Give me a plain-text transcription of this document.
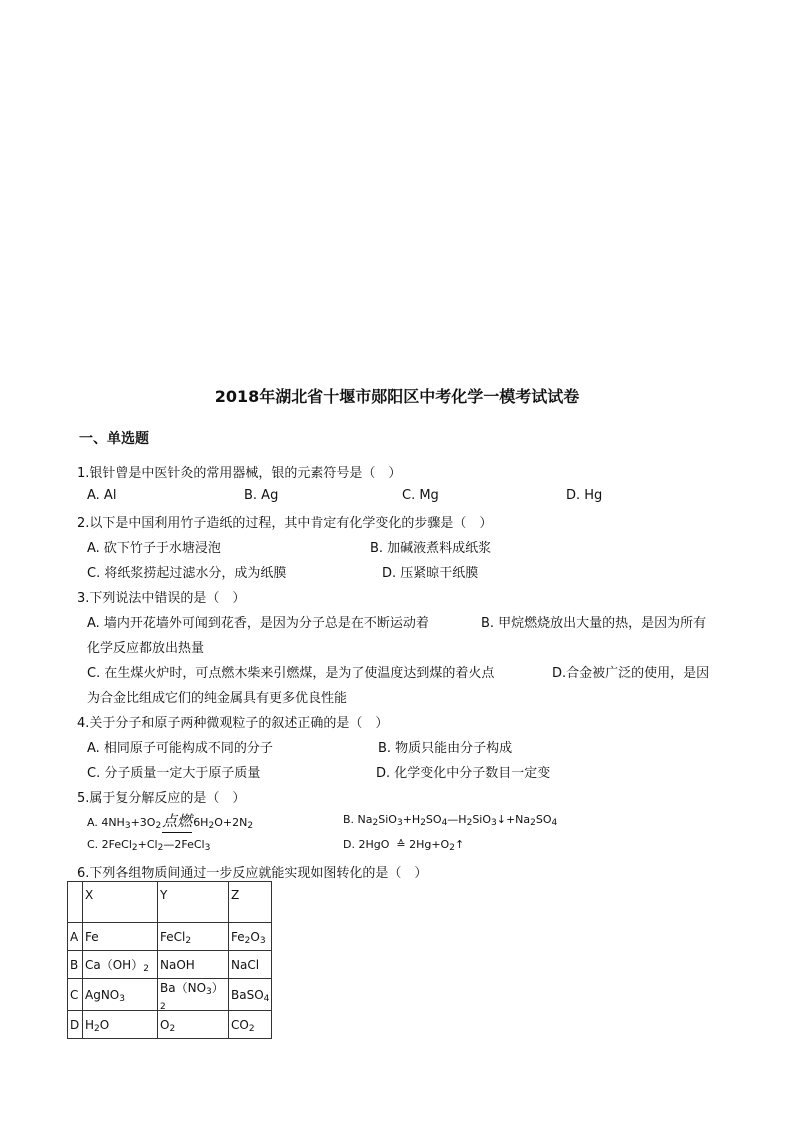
2018年湖北省十堰市郧阳区中考化学一模考试试卷
一、单选题
1.银针曾是中医针灸的常用器械，银的元素符号是（　）
A. Al	B. Ag	C. Mg	D. Hg
2.以下是中国利用竹子造纸的过程，其中肯定有化学变化的步骤是（　）
A. 砍下竹子于水塘浸泡	B. 加碱液煮料成纸浆
C. 将纸浆捞起过滤水分，成为纸膜	D. 压紧晾干纸膜
3.下列说法中错误的是（　）
A. 墙内开花墙外可闻到花香，是因为分子总是在不断运动着	B. 甲烷燃烧放出大量的热，是因为所有
化学反应都放出热量
C. 在生煤火炉时，可点燃木柴来引燃煤，是为了使温度达到煤的着火点	D.合金被广泛的使用，是因
为合金比组成它们的纯金属具有更多优良性能
4.关于分子和原子两种微观粒子的叙述正确的是（　）
A. 相同原子可能构成不同的分子	B. 物质只能由分子构成
C. 分子质量一定大于原子质量	D. 化学变化中分子数目一定变
5.属于复分解反应的是（　）
A. $4NH_3+3O_2$点燃$6H_2O+2N_2$	B. $Na_2SiO_3+H_2SO_4—H_2SiO_3↓+Na_2SO_4$
C. $2FeCl_2+Cl_2—2FeCl_3$	D. 2HgO ≙ $2Hg+O_2↑$
6.下列各组物质间通过一步反应就能实现如图转化的是（　）
	X	Y	Z
A	Fe	FeCl$_2$	$Fe_2O_3$
B	$Ca(OH)_2$	NaOH	NaCl
C	AgNO$_3$	$Ba(NO_3)_2$	BaSO$_4$
D	$H_2O$	$O_2$	$CO_2$
